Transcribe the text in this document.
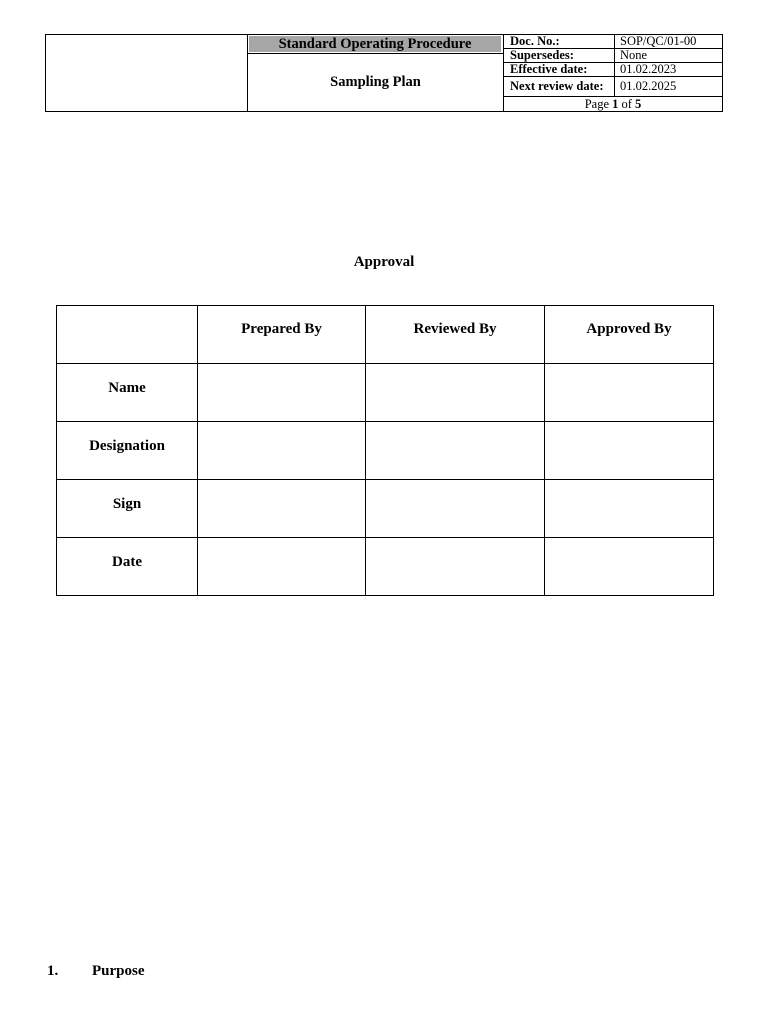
Standard Operating Procedure
Sampling Plan
Doc. No.:	SOP/QC/01-00
Supersedes:	None
Effective date:	01.02.2023
Next review date: 01.02.2025
Page 1 of 5
Approval
	Prepared By	Reviewed By	Approved By
Name			
Designation			
Sign			
Date			
1. Purpose
